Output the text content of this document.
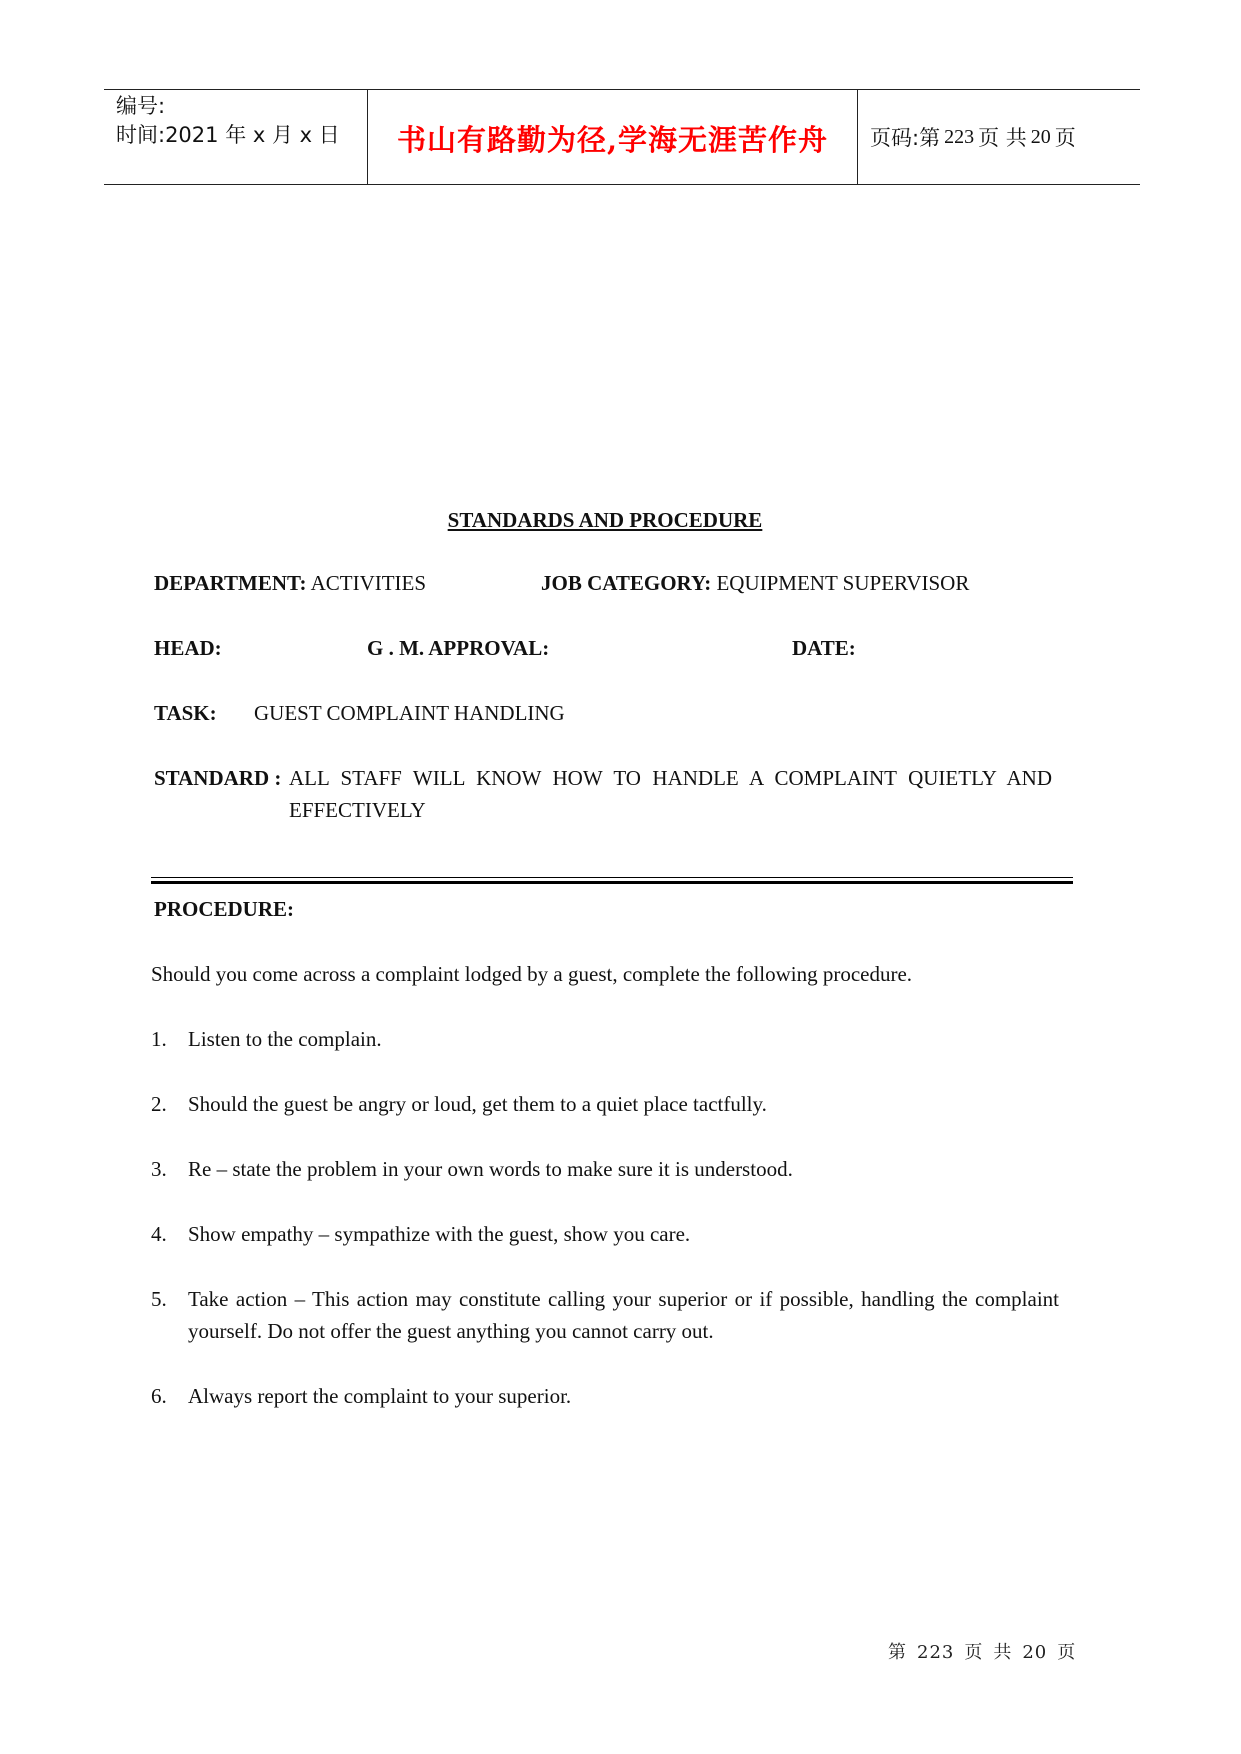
编号:
时间:2021 年 x 月 x 日	书山有路勤为径,学海无涯苦作舟 页码:第 223 页 共 20 页
STANDARDS AND PROCEDURE
DEPARTMENT: ACTIVITIES	JOB CATEGORY: EQUIPMENT SUPERVISOR
HEAD:	G . M. APPROVAL:	DATE:
TASK: GUEST COMPLAINT HANDLING
STANDARD : ALL STAFF WILL KNOW HOW TO HANDLE A COMPLAINT QUIETLY AND
EFFECTIVELY
PROCEDURE:
Should you come across a complaint lodged by a guest, complete the following procedure.
1.	Listen to the complain.
2.	Should the guest be angry or loud, get them to a quiet place tactfully.
3.	Re – state the problem in your own words to make sure it is understood.
4.	Show empathy – sympathize with the guest, show you care.
5.	Take action – This action may constitute calling your superior or if possible, handling the complaint yourself. Do not offer the guest anything you cannot carry out.
6.	Always report the complaint to your superior.
第 223 页 共 20 页
